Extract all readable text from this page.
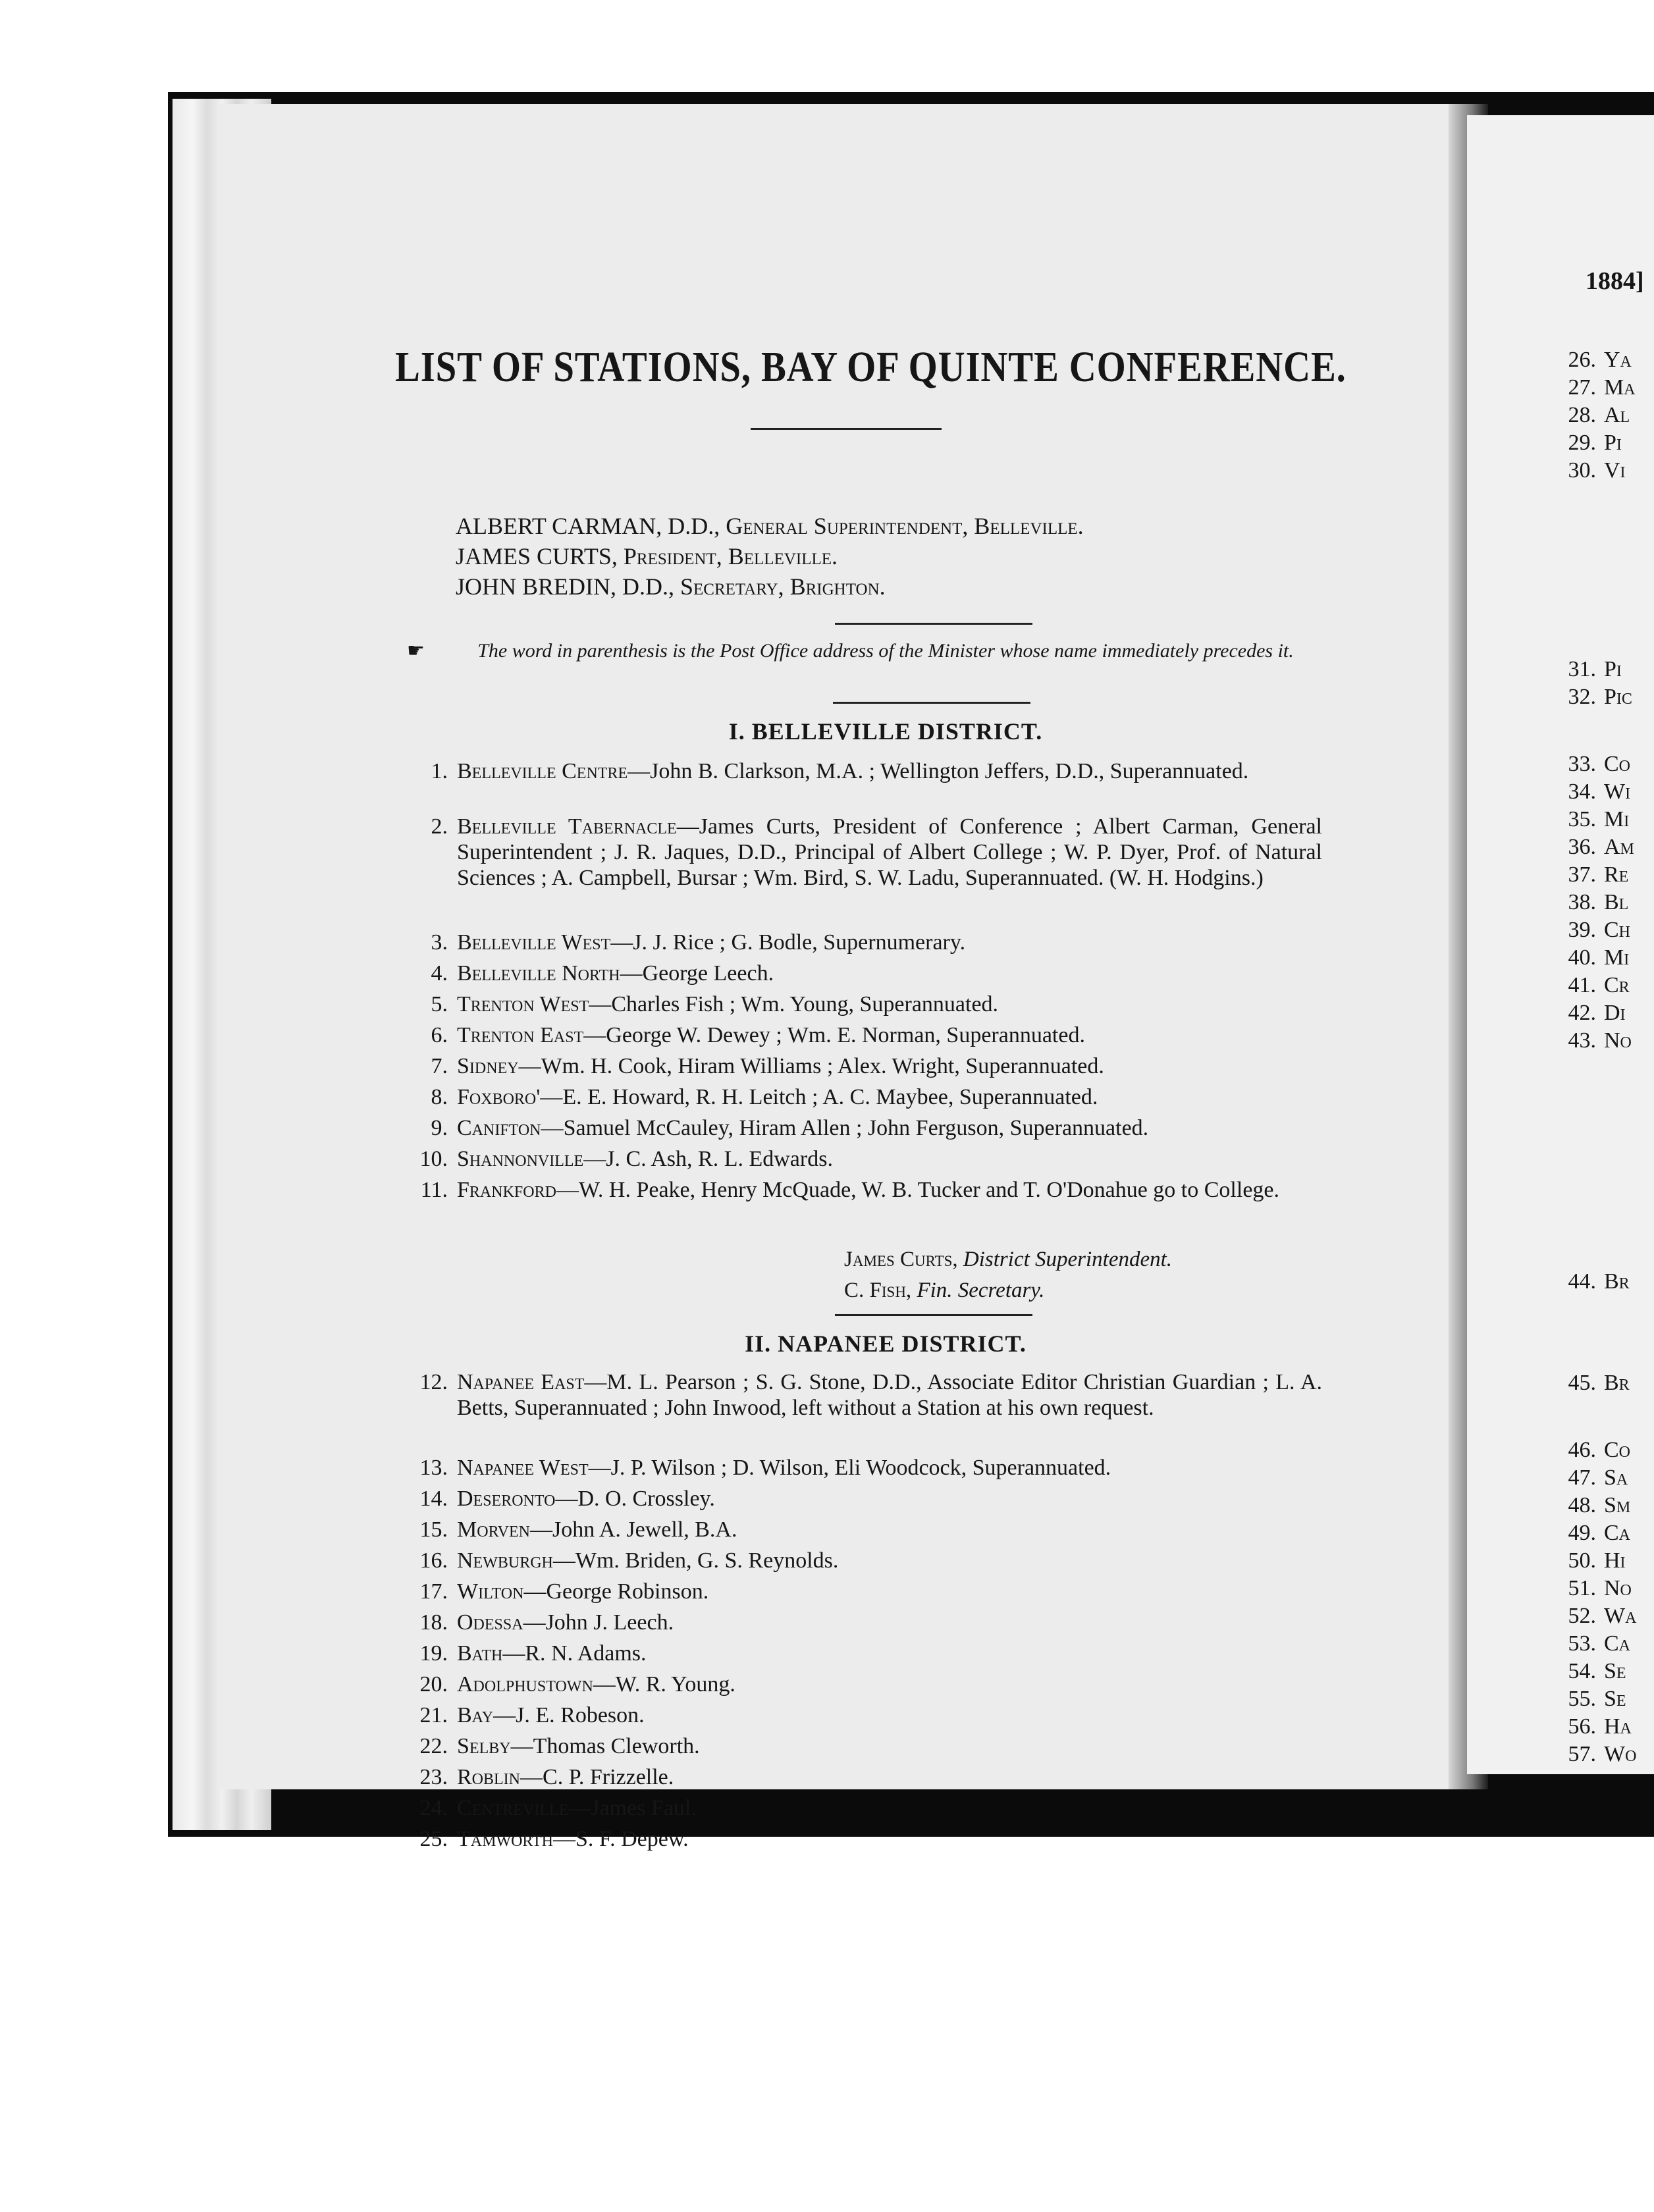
LIST OF STATIONS, BAY OF QUINTE CONFERENCE.
ALBERT CARMAN, D.D., General Superintendent, Belleville.
JAMES CURTS, President, Belleville.
JOHN BREDIN, D.D., Secretary, Brighton.
☛	The word in parenthesis is the Post Office address of the Minister whose name immediately precedes it.
I. BELLEVILLE DISTRICT.
1. Belleville Centre—John B. Clarkson, M.A. ; Wellington Jeffers, D.D., Superannuated.
2. Belleville Tabernacle—James Curts, President of Conference ; Albert Carman, General Superintendent ; J. R. Jaques, D.D., Principal of Albert College ; W. P. Dyer, Prof. of Natural Sciences ; A. Campbell, Bursar ; Wm. Bird, S. W. Ladu, Superannuated. (W. H. Hodgins.)
3. Belleville West—J. J. Rice ; G. Bodle, Supernumerary.
4. Belleville North—George Leech.
5. Trenton West—Charles Fish ; Wm. Young, Superannuated.
6. Trenton East—George W. Dewey ; Wm. E. Norman, Superannuated.
7. Sidney—Wm. H. Cook, Hiram Williams ; Alex. Wright, Superannuated.
8. Foxboro'—E. E. Howard, R. H. Leitch ; A. C. Maybee, Superannuated.
9. Canifton—Samuel McCauley, Hiram Allen ; John Ferguson, Superannuated.
10. Shannonville—J. C. Ash, R. L. Edwards.
11. Frankford—W. H. Peake, Henry McQuade, W. B. Tucker and T. O'Donahue go to College.
James Curts, District Superintendent.
C. Fish, Fin. Secretary.
II. NAPANEE DISTRICT.
12. Napanee East—M. L. Pearson ; S. G. Stone, D.D., Associate Editor Christian Guardian ; L. A. Betts, Superannuated ; John Inwood, left without a Station at his own request.
13. Napanee West—J. P. Wilson ; D. Wilson, Eli Woodcock, Superannuated.
14. Deseronto—D. O. Crossley.
15. Morven—John A. Jewell, B.A.
16. Newburgh—Wm. Briden, G. S. Reynolds.
17. Wilton—George Robinson.
18. Odessa—John J. Leech.
19. Bath—R. N. Adams.
20. Adolphustown—W. R. Young.
21. Bay—J. E. Robeson.
22. Selby—Thomas Cleworth.
23. Roblin—C. P. Frizzelle.
24. Centreville—James Faul.
25. Tamworth—S. F. Depew.
1884]
26. Ya
27. Ma
28. Al
29. Pi
30. Vi
31. Pi
32. Pic
33. Co
34. Wi
35. Mi
36. Am
37. Re
38. Bl
39. Ch
40. Mi
41. Cr
42. Di
43. No
44. Br
45. Br
46. Co
47. Sa
48. Sm
49. Ca
50. Hi
51. No
52. Wa
53. Ca
54. Se
55. Se
56. Ha
57. Wo
